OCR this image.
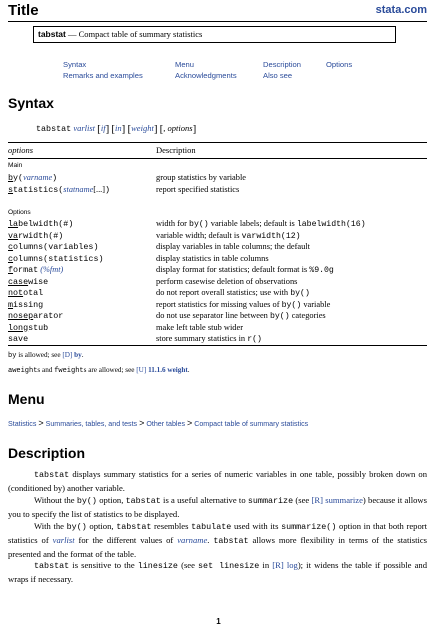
Title	stata.com
tabstat — Compact table of summary statistics
Syntax
Remarks and examples
Menu
Acknowledgments
Description
Also see
Options
Syntax
tabstat varlist [if] [in] [weight] [, options]
options	Description
Main
by(varname)	group statistics by variable
statistics(statname[...])	report specified statistics
Options
labelwidth(#)	width for by() variable labels; default is labelwidth(16)
varwidth(#)	variable width; default is varwidth(12)
columns(variables)	display variables in table columns; the default
columns(statistics)	display statistics in table columns
format (%fmt)	display format for statistics; default format is %9.0g
casewise	perform casewise deletion of observations
nototal	do not report overall statistics; use with by()
missing	report statistics for missing values of by() variable
noseparator	do not use separator line between by() categories
longstub	make left table stub wider
save	store summary statistics in r()
by is allowed; see [D] by.
aweights and fweights are allowed; see [U] 11.1.6 weight.
Menu
Statistics > Summaries, tables, and tests > Other tables > Compact table of summary statistics
Description
tabstat displays summary statistics for a series of numeric variables in one table, possibly broken down on (conditioned by) another variable.
Without the by() option, tabstat is a useful alternative to summarize (see [R] summarize) because it allows you to specify the list of statistics to be displayed.
With the by() option, tabstat resembles tabulate used with its summarize() option in that both report statistics of varlist for the different values of varname. tabstat allows more flexibility in terms of the statistics presented and the format of the table.
tabstat is sensitive to the linesize (see set linesize in [R] log); it widens the table if possible and wraps if necessary.
1
